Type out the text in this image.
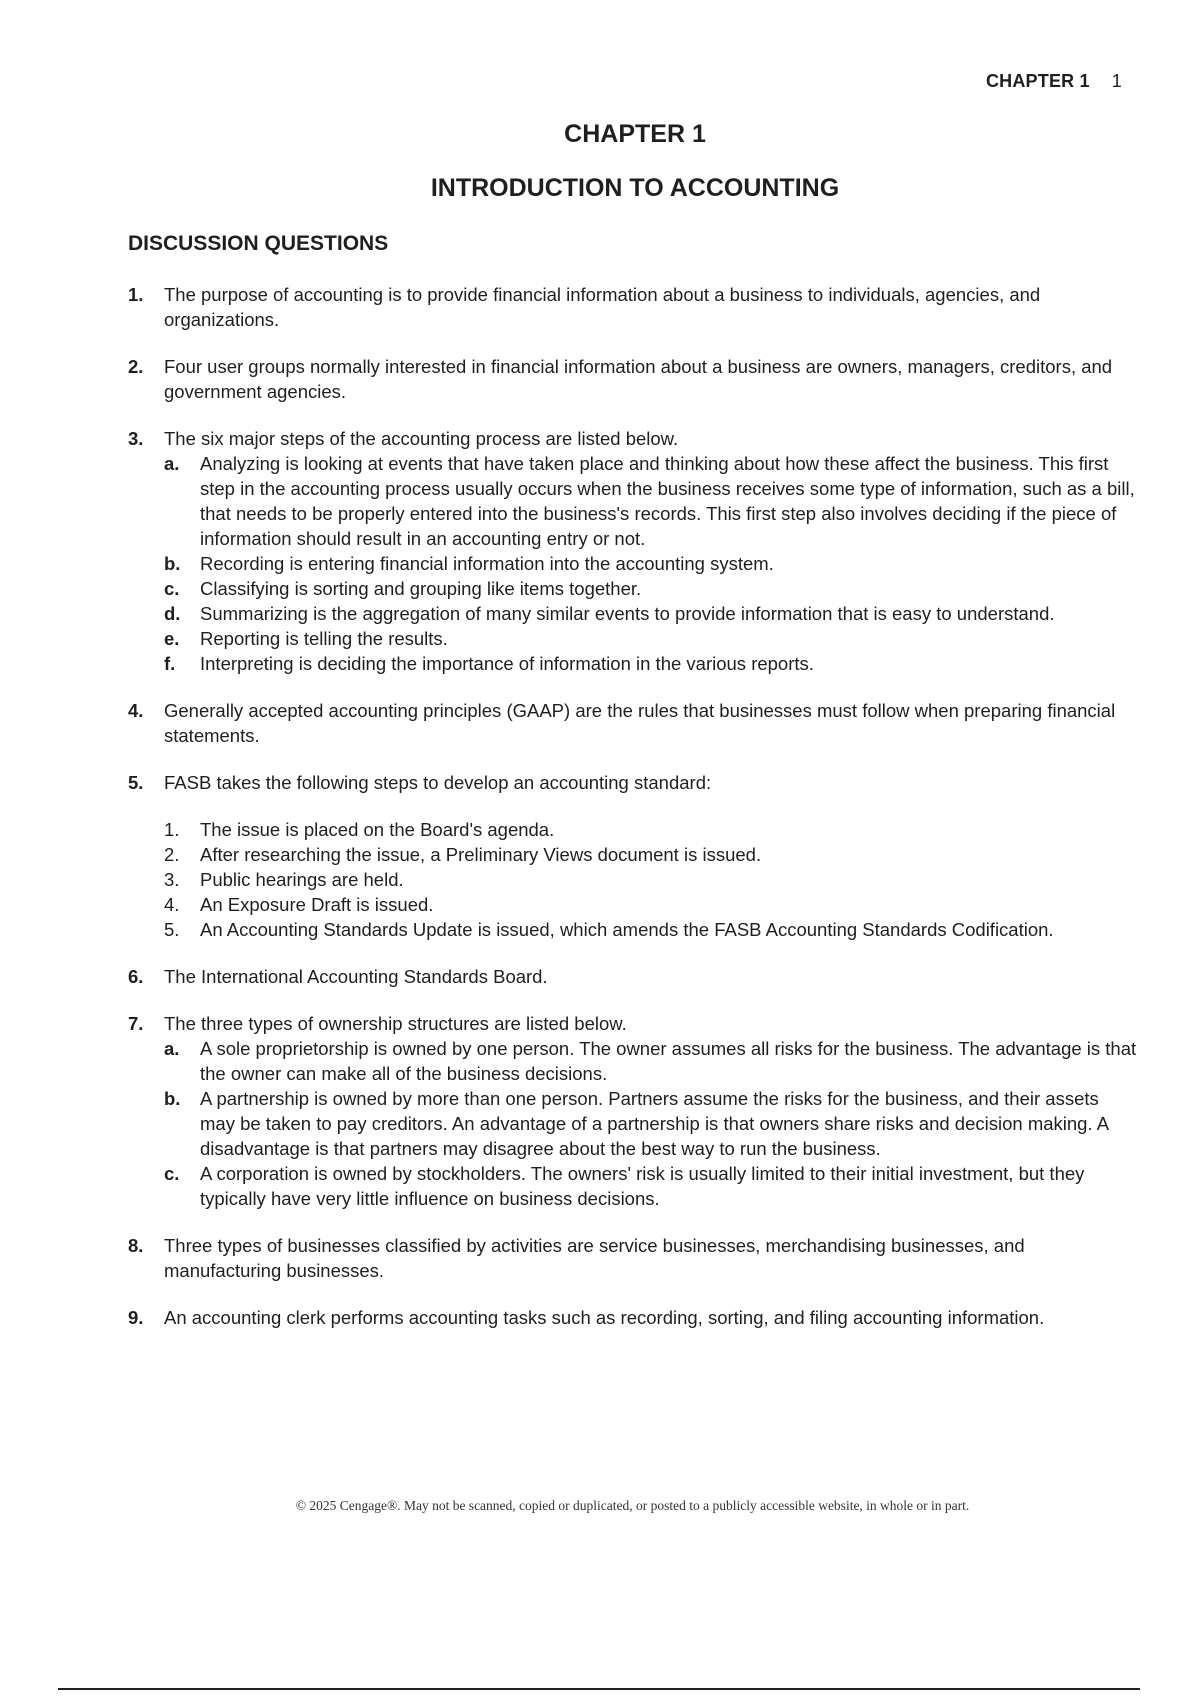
CHAPTER 1 1
CHAPTER 1
INTRODUCTION TO ACCOUNTING
DISCUSSION QUESTIONS
1. The purpose of accounting is to provide financial information about a business to individuals, agencies, and organizations.
2. Four user groups normally interested in financial information about a business are owners, managers, creditors, and government agencies.
3. The six major steps of the accounting process are listed below.
a. Analyzing is looking at events that have taken place and thinking about how these affect the business. This first step in the accounting process usually occurs when the business receives some type of information, such as a bill, that needs to be properly entered into the business's records. This first step also involves deciding if the piece of information should result in an accounting entry or not.
b. Recording is entering financial information into the accounting system.
c. Classifying is sorting and grouping like items together.
d. Summarizing is the aggregation of many similar events to provide information that is easy to understand.
e. Reporting is telling the results.
f. Interpreting is deciding the importance of information in the various reports.
4. Generally accepted accounting principles (GAAP) are the rules that businesses must follow when preparing financial statements.
5. FASB takes the following steps to develop an accounting standard:
1. The issue is placed on the Board's agenda.
2. After researching the issue, a Preliminary Views document is issued.
3. Public hearings are held.
4. An Exposure Draft is issued.
5. An Accounting Standards Update is issued, which amends the FASB Accounting Standards Codification.
6. The International Accounting Standards Board.
7. The three types of ownership structures are listed below.
a. A sole proprietorship is owned by one person. The owner assumes all risks for the business. The advantage is that the owner can make all of the business decisions.
b. A partnership is owned by more than one person. Partners assume the risks for the business, and their assets may be taken to pay creditors. An advantage of a partnership is that owners share risks and decision making. A disadvantage is that partners may disagree about the best way to run the business.
c. A corporation is owned by stockholders. The owners' risk is usually limited to their initial investment, but they typically have very little influence on business decisions.
8. Three types of businesses classified by activities are service businesses, merchandising businesses, and manufacturing businesses.
9. An accounting clerk performs accounting tasks such as recording, sorting, and filing accounting information.
© 2025 Cengage®. May not be scanned, copied or duplicated, or posted to a publicly accessible website, in whole or in part.
